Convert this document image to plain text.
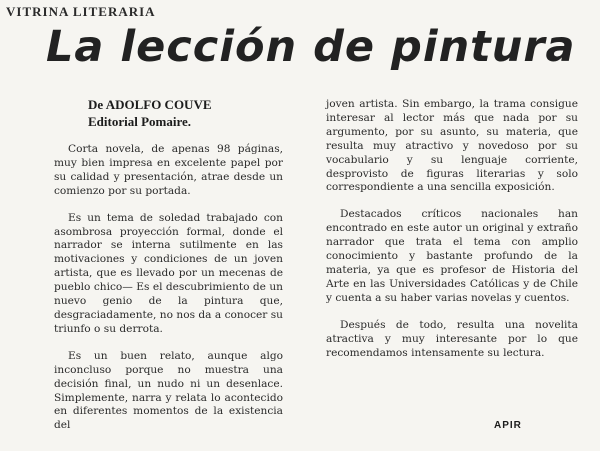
VITRINA LITERARIA
La lección de pintura
De ADOLFO COUVE
Editorial Pomaire.

Corta novela, de apenas 98 páginas, muy bien impresa en excelente papel por su calidad y presentación, atrae desde un comienzo por su portada.

Es un tema de soledad trabajado con asombrosa proyección formal, donde el narrador se interna sutilmente en las motivaciones y condiciones de un joven artista, que es llevado por un mecenas de pueblo chico— Es el descubrimiento de un nuevo genio de la pintura que, desgraciadamente, no nos da a conocer su triunfo o su derrota.

Es un buen relato, aunque algo inconcluso porque no muestra una decisión final, un nudo ni un desenlace. Simplemente, narra y relata lo acontecido en diferentes momentos de la existencia del

joven artista. Sin embargo, la trama consigue interesar al lector más que nada por su argumento, por su asunto, su materia, que resulta muy atractivo y novedoso por su vocabulario y su lenguaje corriente, desprovisto de figuras literarias y solo correspondiente a una sencilla exposición.

Destacados críticos nacionales han encontrado en este autor un original y extraño narrador que trata el tema con amplio conocimiento y bastante profundo de la materia, ya que es profesor de Historia del Arte en las Universidades Católicas y de Chile y cuenta a su haber varias novelas y cuentos.

Después de todo, resulta una novelita atractiva y muy interesante por lo que recomendamos intensamente su lectura.

APIR
